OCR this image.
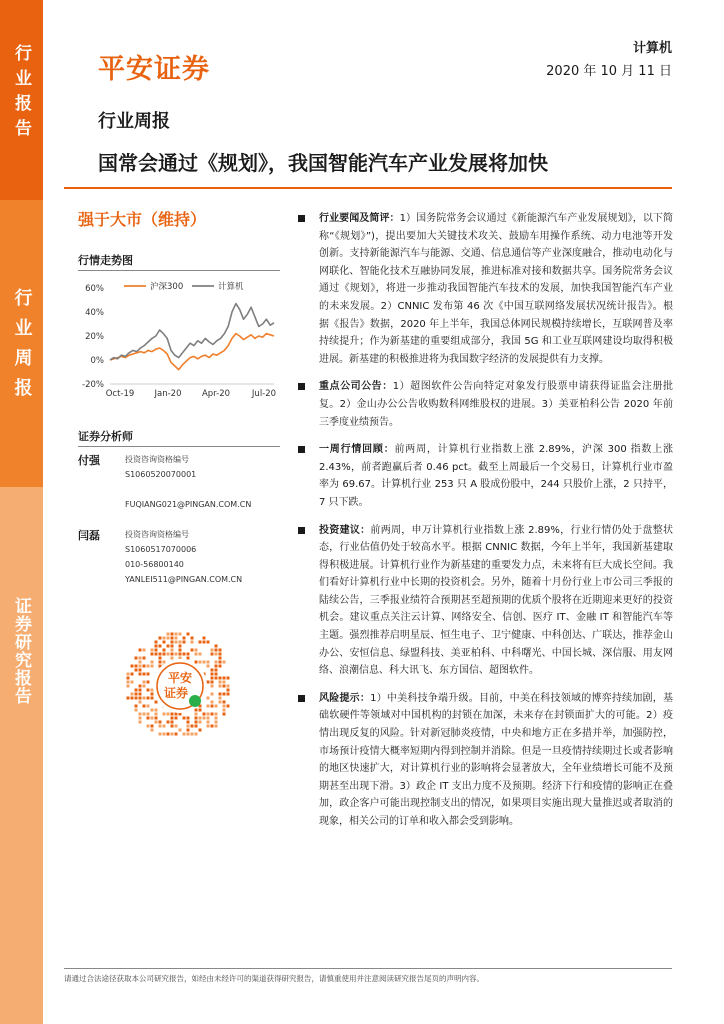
行业报告
行业周报
证券研究报告
平安证券
计算机
2020 年 10 月 11 日
行业周报
国常会通过《规划》，我国智能汽车产业发展将加快
强于大市（维持）
行情走势图
60%
40%
20%
0%
-20%
Oct-19 Jan-20 Apr-20	Jul-20
沪深300	计算机
证券分析师
付强	投资咨询资格编号
S1060520070001
FUQIANG021@PINGAN.COM.CN
闫磊	投资咨询资格编号
S1060517070006
010-56800140
YANLEI511@PINGAN.COM.CN
平安
证券
行业要闻及简评：1）国务院常务会议通过《新能源汽车产业发展规划》，以下简称“《规划》”)，提出要加大关键技术攻关、鼓励车用操作系统、动力电池等开发创新。支持新能源汽车与能源、交通、信息通信等产业深度融合，推动电动化与网联化、智能化技术互融协同发展，推进标准对接和数据共享。国务院常务会议通过《规划》，将进一步推动我国智能汽车技术的发展，加快我国智能汽车产业的未来发展。2）CNNIC 发布第 46 次《中国互联网络发展状况统计报告》。根据《报告》数据，2020 年上半年，我国总体网民规模持续增长，互联网普及率持续提升；作为新基建的重要组成部分，我国 5G 和工业互联网建设均取得积极进展。新基建的积极推进将为我国数字经济的发展提供有力支撑。
重点公司公告：1）超图软件公告向特定对象发行股票申请获得证监会注册批复。2）金山办公公告收购数科网维股权的进展。3）美亚柏科公告 2020 年前三季度业绩预告。
一周行情回顾：前两周，计算机行业指数上涨 2.89%，沪深 300 指数上涨 2.43%，前者跑赢后者 0.46 pct。截至上周最后一个交易日，计算机行业市盈率为 69.67。计算机行业 253 只 A 股成份股中，244 只股价上涨，2 只持平，7 只下跌。
投资建议：前两周，申万计算机行业指数上涨 2.89%，行业行情仍处于盘整状态，行业估值仍处于较高水平。根据 CNNIC 数据，今年上半年，我国新基建取得积极进展。计算机行业作为新基建的重要发力点，未来将有巨大成长空间。我们看好计算机行业中长期的投资机会。另外，随着十月份行业上市公司三季报的陆续公告，三季报业绩符合预期甚至超预期的优质个股将在近期迎来更好的投资机会。建议重点关注云计算、网络安全、信创、医疗 IT、金融 IT 和智能汽车等主题。强烈推荐启明星辰、恒生电子、卫宁健康、中科创达、广联达，推荐金山办公、安恒信息、绿盟科技、美亚柏科、中科曙光、中国长城、深信服、用友网络、浪潮信息、科大讯飞、东方国信、超图软件。
风险提示：1）中美科技争端升级。目前，中美在科技领域的博弈持续加剧，基础软硬件等领域对中国机构的封锁在加深，未来存在封锁面扩大的可能。2）疫情出现反复的风险。针对新冠肺炎疫情，中央和地方正在多措并举，加强防控，市场预计疫情大概率短期内得到控制并消除。但是一旦疫情持续期过长或者影响的地区快速扩大，对计算机行业的影响将会显著放大，全年业绩增长可能不及预期甚至出现下滑。3）政企 IT 支出力度不及预期。经济下行和疫情的影响正在叠加，政企客户可能出现控制支出的情况，如果项目实施出现大量推迟或者取消的现象，相关公司的订单和收入都会受到影响。
请通过合法途径获取本公司研究报告，如经由未经许可的渠道获得研究报告，请慎重使用并注意阅读研究报告尾页的声明内容。
